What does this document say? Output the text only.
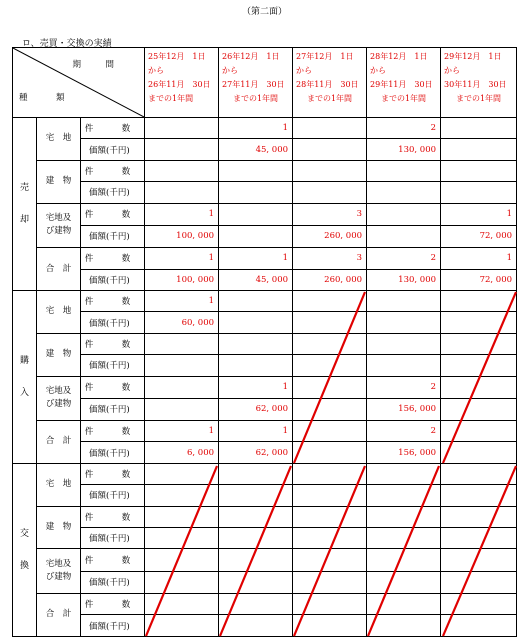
（第二面）
ロ、売買・交換の実績
期　間
種　類			25年12月　1日
から
26年11月　30日
までの1年間	26年12月　1日
から
27年11月　30日
までの1年間	27年12月　1日
から
28年11月　30日
までの1年間	28年12月　1日
から
29年11月　30日
までの1年間	29年12月　1日
から
30年11月　30日
までの1年間

売
却	宅　地	件　数		1		2	
		価額(千円)		45, 000		130, 000	

	建　物	件　数					
		価額(千円)					

	宅地及
び建物	件　数	1		3		1
		価額(千円)	100, 000		260, 000		72, 000

	合　計	件　数	1	1	3	2	1
		価額(千円)	100, 000	45, 000	260, 000	130, 000	72, 000

購
入	宅　地	件　数	1				
		価額(千円)	60, 000				

	建　物	件　数					
		価額(千円)					

	宅地及
び建物	件　数		1		2	
		価額(千円)		62, 000		156, 000	

	合　計	件　数	1	1		2	
		価額(千円)	6, 000	62, 000		156, 000	

交
換	宅　地	件　数					
		価額(千円)					

	建　物	件　数					
		価額(千円)					

	宅地及
び建物	件　数					
		価額(千円)					

	合　計	件　数					
		価額(千円)					
